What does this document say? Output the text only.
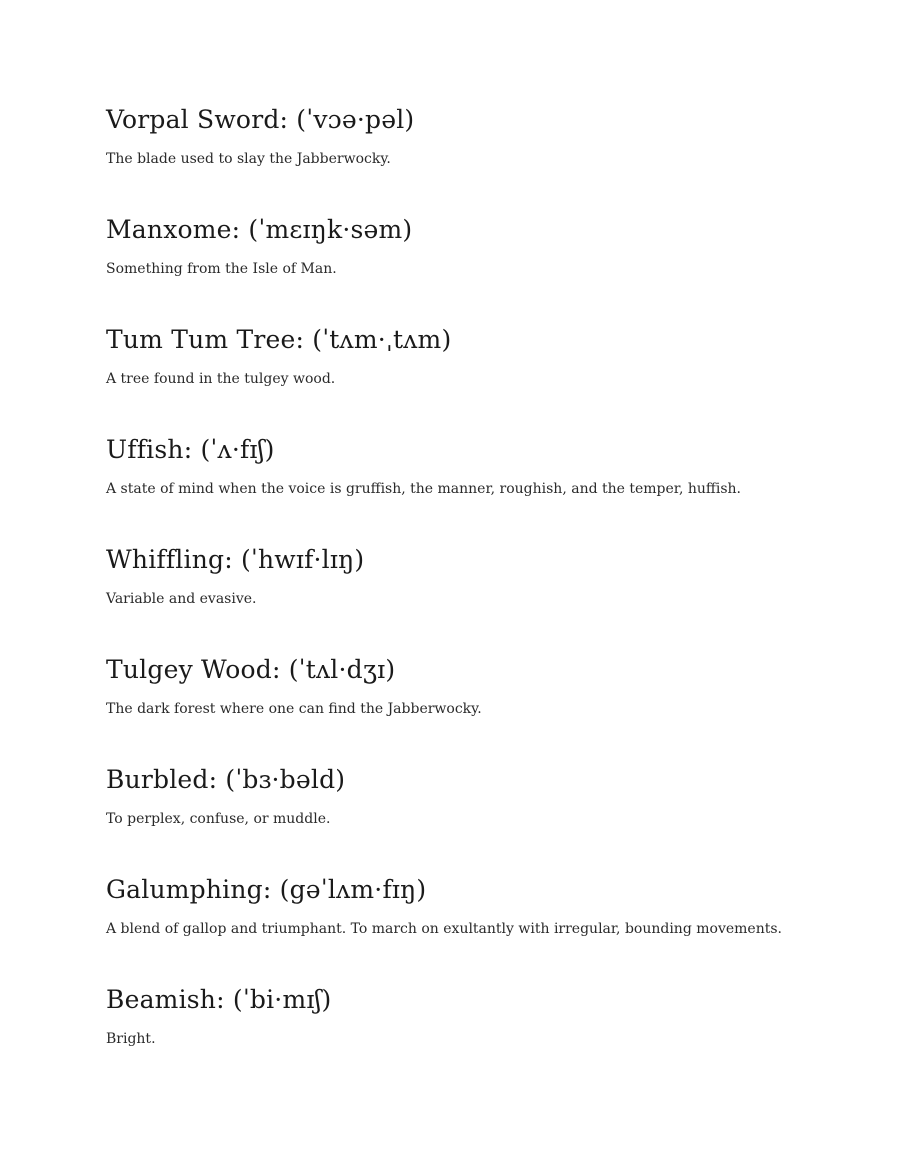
Vorpal Sword: (ˈvɔə·pəl)

The blade used to slay the Jabberwocky.

Manxome: (ˈmɛɪŋk·səm)

Something from the Isle of Man.

Tum Tum Tree: (ˈtʌm·ˌtʌm)

A tree found in the tulgey wood.

Uffish: (ˈʌ·fɪʃ)

A state of mind when the voice is gruffish, the manner, roughish, and the temper, huffish.

Whiffling: (ˈhwɪf·lɪŋ)

Variable and evasive.

Tulgey Wood: (ˈtʌl·dʒɪ)

The dark forest where one can find the Jabberwocky.

Burbled: (ˈbɜ·bəld)

To perplex, confuse, or muddle.

Galumphing: (gəˈlʌm·fɪŋ)

A blend of gallop and triumphant. To march on exultantly with irregular, bounding movements.

Beamish: (ˈbi·mɪʃ)

Bright.
